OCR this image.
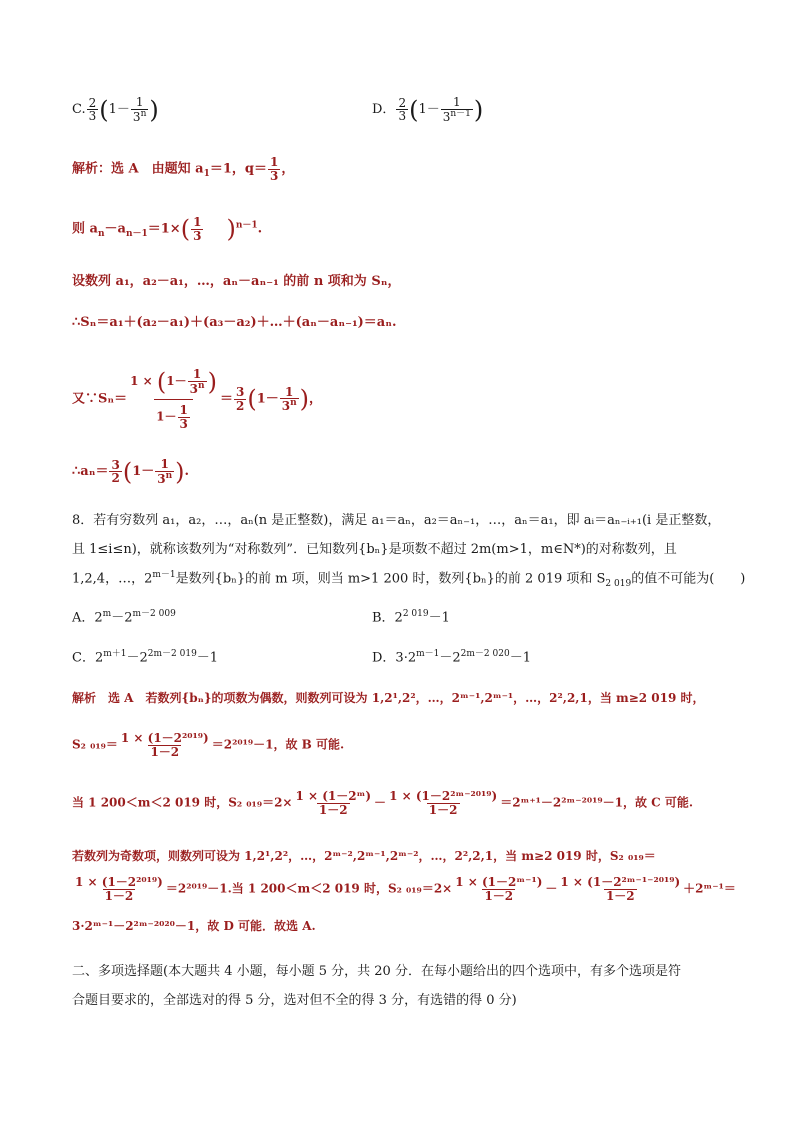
C. $\frac{2}{3} (1- \frac{1}{3^n}$ )	D． $\frac{2}{3} (1- \frac{1}{3^{n-1}}$ )
解析：选 A　由题知 $a_1=1$，$q= \frac{1}{3}$ ，
则 $a_n-a_{n-1}=1\times( \frac{1}{3} )^{n-1}$.
设数列 a₁，a₂－a₁，…，aₙ－aₙ₋₁ 的前 n 项和为 Sₙ，
∴Sₙ＝a₁＋(a₂－a₁)＋(a₃－a₂)＋…＋(aₙ－aₙ₋₁)＝aₙ.
又∵Sₙ＝ $\frac{1 \times (1- \frac{1}{3^n} )}{1- \frac{1}{3}} = \frac{3}{2} (1- \frac{1}{3^n}$ )，
∴aₙ＝ $\frac{3}{2} (1- \frac{1}{3^n}$ ).
8．若有穷数列 a₁，a₂，…，aₙ(n 是正整数)，满足 a₁＝aₙ，a₂＝aₙ₋₁，…，aₙ＝a₁，即 aᵢ＝aₙ₋ᵢ₊₁(i 是正整数，
且 1≤i≤n)，就称该数列为“对称数列”．已知数列{bₙ}是项数不超过 2m(m>1，m∈N*)的对称数列，且
1,2,4，…，$2^{m-1}$是数列{bₙ}的前 m 项，则当 m>1 200 时，数列{bₙ}的前 2 019 项和 $S_{2 019}$的值不可能为(　　)
A．$2^m-2^{m-2 009}$	B．$2^{2 019}-1$
C．$2^{m+1}-2^{2m-2 019}-1$	D．$3\cdot 2^{m-1}-2^{2m-2 020}-1$
解析　选 A　若数列{bₙ}的项数为偶数，则数列可设为 1,2¹,2²，…，2ᵐ⁻¹,2ᵐ⁻¹，…，2²,2,1，当 m≥2 019 时，
S₂ $_{019}= \frac{\text{1 × (1－2²⁰¹⁹)}}{1-2} =2^{2019}-1$，故 B 可能.
当 1 200＜m＜2 019 时，S₂ $_{019}=2\times \frac{\text{1 × (1－2ᵐ)}}{1-2} - \frac{\text{1 × (1－2²ᵐ⁻²⁰¹⁹)}}{1-2}$ ＝2ᵐ⁺¹－2²ᵐ⁻²⁰¹⁹－1，故 C 可能.
若数列为奇数项，则数列可设为 1,2¹,2²，…，2ᵐ⁻²,2ᵐ⁻¹,2ᵐ⁻²，…，2²,2,1，当 m≥2 019 时，S₂ ₀₁₉＝
$\frac{\text{1 × (1－2²⁰¹⁹)}}{1-2} =2^{2019}-1$.当 1 200＜m＜2 019 时，S₂ $_{019}=2\times \frac{\text{1 × (1－2ᵐ⁻¹)}}{1-2} - \frac{\text{1 × (1－2²ᵐ⁻¹⁻²⁰¹⁹)}}{1-2}$ ＋2ᵐ⁻¹＝
3·2ᵐ⁻¹－2²ᵐ⁻²⁰²⁰－1，故 D 可能．故选 A.
二、多项选择题(本大题共 4 小题，每小题 5 分，共 20 分．在每小题给出的四个选项中，有多个选项是符
合题目要求的，全部选对的得 5 分，选对但不全的得 3 分，有选错的得 0 分)
